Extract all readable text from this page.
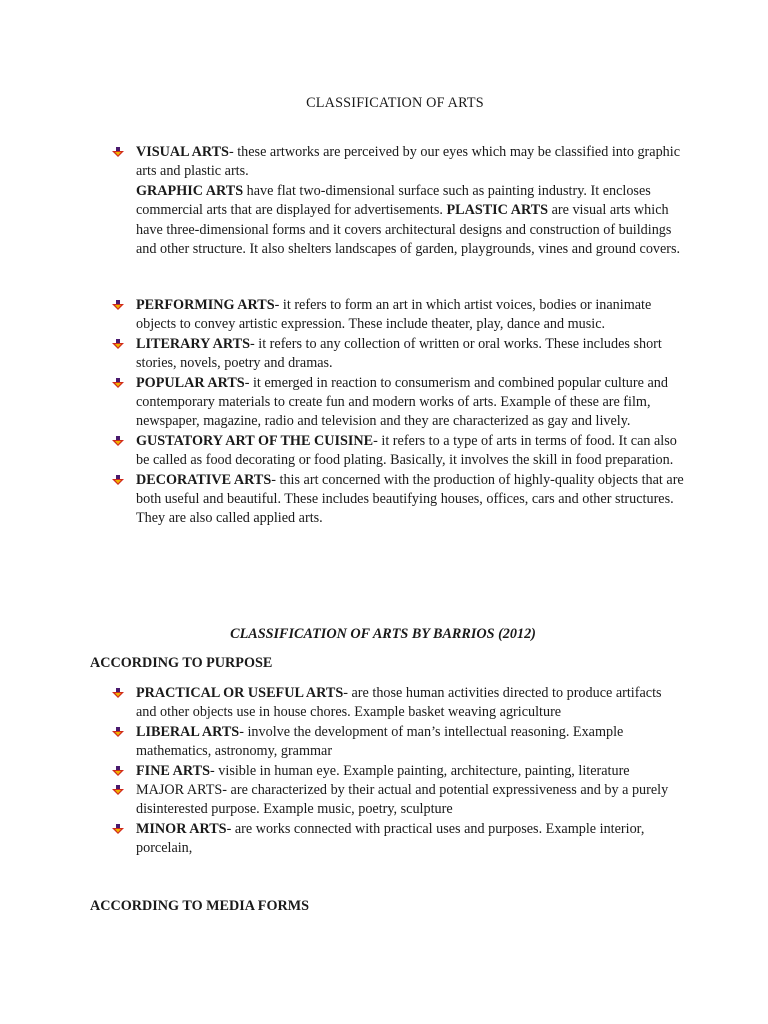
CLASSIFICATION OF ARTS
VISUAL ARTS- these artworks are perceived by our eyes which may be classified into graphic arts and plastic arts.
GRAPHIC ARTS have flat two-dimensional surface such as painting industry. It encloses commercial arts that are displayed for advertisements. PLASTIC ARTS are visual arts which have three-dimensional forms and it covers architectural designs and construction of buildings and other structure. It also shelters landscapes of garden, playgrounds, vines and ground covers.
PERFORMING ARTS- it refers to form an art in which artist voices, bodies or inanimate objects to convey artistic expression. These include theater, play, dance and music.
LITERARY ARTS- it refers to any collection of written or oral works. These includes short stories, novels, poetry and dramas.
POPULAR ARTS- it emerged in reaction to consumerism and combined popular culture and contemporary materials to create fun and modern works of arts. Example of these are film, newspaper, magazine, radio and television and they are characterized as gay and lively.
GUSTATORY ART OF THE CUISINE- it refers to a type of arts in terms of food. It can also be called as food decorating or food plating. Basically, it involves the skill in food preparation.
DECORATIVE ARTS- this art concerned with the production of highly-quality objects that are both useful and beautiful. These includes beautifying houses, offices, cars and other structures. They are also called applied arts.
CLASSIFICATION OF ARTS BY BARRIOS (2012)
ACCORDING TO PURPOSE
PRACTICAL OR USEFUL ARTS- are those human activities directed to produce artifacts and other objects use in house chores. Example basket weaving agriculture
LIBERAL ARTS- involve the development of man’s intellectual reasoning. Example mathematics, astronomy, grammar
FINE ARTS- visible in human eye. Example painting, architecture, painting, literature
MAJOR ARTS- are characterized by their actual and potential expressiveness and by a purely disinterested purpose. Example music, poetry, sculpture
MINOR ARTS- are works connected with practical uses and purposes. Example interior, porcelain,
ACCORDING TO MEDIA FORMS
